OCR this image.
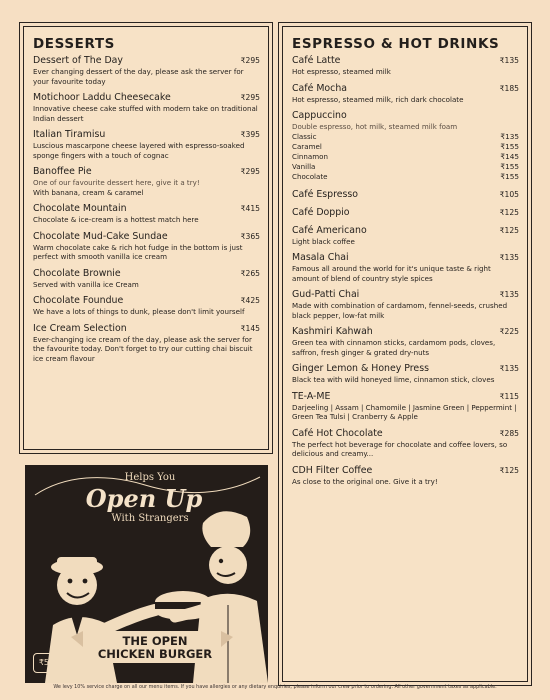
DESSERTS
Dessert of The Day	₹295
Ever changing dessert of the day, please ask the server for your favourite today
Motichoor Laddu Cheesecake	₹295
Innovative cheese cake stuffed with modern take on traditional Indian dessert
Italian Tiramisu	₹395
Luscious mascarpone cheese layered with espresso-soaked sponge fingers with a touch of cognac
Banoffee Pie	₹295
One of our favourite dessert here, give it a try!
With banana, cream & caramel
Chocolate Mountain	₹415
Chocolate & ice-cream is a hottest match here
Chocolate Mud-Cake Sundae	₹365
Warm chocolate cake & rich hot fudge in the bottom is just perfect with smooth vanilla ice cream
Chocolate Brownie	₹265
Served with vanilla ice Cream
Chocolate Foundue	₹425
We have a lots of things to dunk, please don't limit yourself
Ice Cream Selection	₹145
Ever-changing ice cream of the day, please ask the server for the favourite today. Don't forget to try our cutting chai biscuit ice cream flavour
ESPRESSO & HOT DRINKS
Café Latte	₹135
Hot espresso, steamed milk
Café Mocha	₹185
Hot espresso, steamed milk, rich dark chocolate
Cappuccino
Double espresso, hot milk, steamed milk foam
Classic	₹135
Caramel	₹155
Cinnamon	₹145
Vanilla	₹155
Chocolate	₹155
Café Espresso	₹105
Café Doppio	₹125
Café Americano	₹125
Light black coffee
Masala Chai	₹135
Famous all around the world for it's unique taste & right amount of blend of country style spices
Gud-Patti Chai	₹135
Made with combination of cardamom, fennel-seeds, crushed black pepper, low-fat milk
Kashmiri Kahwah	₹225
Green tea with cinnamon sticks, cardamom pods, cloves, saffron, fresh ginger & grated dry-nuts
Ginger Lemon & Honey Press	₹135
Black tea with wild honeyed lime, cinnamon stick, cloves
TE-A-ME	₹115
Darjeeling | Assam | Chamomile | Jasmine Green | Peppermint | Green Tea Tulsi | Cranberry & Apple
Café Hot Chocolate	₹285
The perfect hot beverage for chocolate and coffee lovers, so delicious and creamy...
CDH Filter Coffee	₹125
As close to the original one. Give it a try!
Helps You
Open Up
With Strangers
THE OPEN
CHICKEN BURGER
₹545
We levy 10% service charge on all our menu items. If you have allergies or any dietary enquiries, please inform our crew prior to ordering. All other government taxes as applicable.
